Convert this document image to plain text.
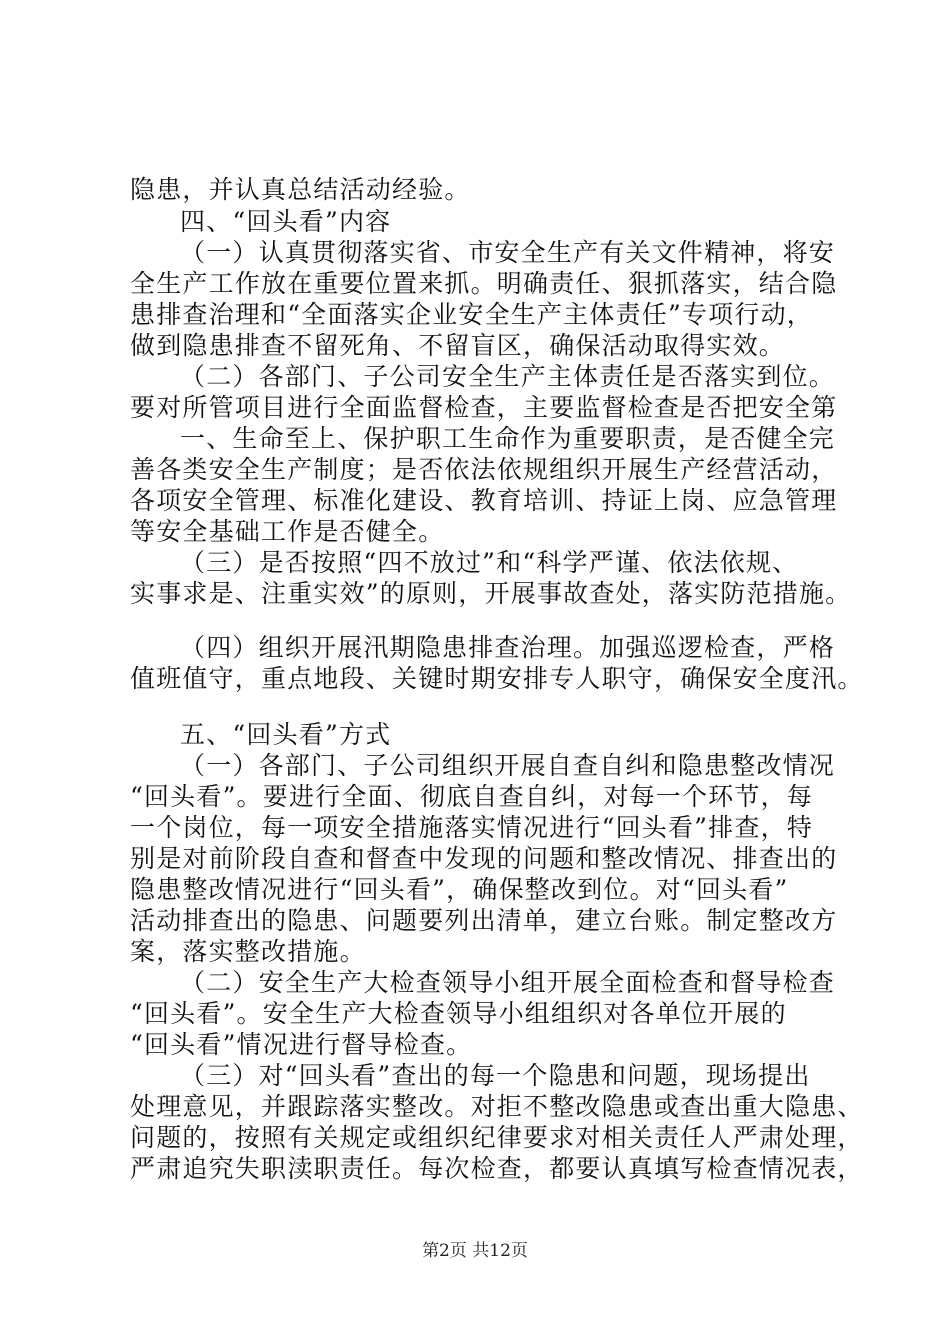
隐患，并认真总结活动经验。
四、“回头看”内容
（一）认真贯彻落实省、市安全生产有关文件精神，将安
全生产工作放在重要位置来抓。明确责任、狠抓落实，结合隐
患排查治理和“全面落实企业安全生产主体责任”专项行动，
做到隐患排查不留死角、不留盲区，确保活动取得实效。
（二）各部门、子公司安全生产主体责任是否落实到位。
要对所管项目进行全面监督检查，主要监督检查是否把安全第
一、生命至上、保护职工生命作为重要职责，是否健全完
善各类安全生产制度；是否依法依规组织开展生产经营活动，
各项安全管理、标准化建设、教育培训、持证上岗、应急管理
等安全基础工作是否健全。
（三）是否按照“四不放过”和“科学严谨、依法依规、
实事求是、注重实效”的原则，开展事故查处，落实防范措施。
（四）组织开展汛期隐患排查治理。加强巡逻检查，严格
值班值守，重点地段、关键时期安排专人职守，确保安全度汛。
五、“回头看”方式
（一）各部门、子公司组织开展自查自纠和隐患整改情况
“回头看”。要进行全面、彻底自查自纠，对每一个环节，每
一个岗位，每一项安全措施落实情况进行“回头看”排查，特
别是对前阶段自查和督查中发现的问题和整改情况、排查出的
隐患整改情况进行“回头看”，确保整改到位。对“回头看”
活动排查出的隐患、问题要列出清单，建立台账。制定整改方
案，落实整改措施。
（二）安全生产大检查领导小组开展全面检查和督导检查
“回头看”。安全生产大检查领导小组组织对各单位开展的
“回头看”情况进行督导检查。
（三）对“回头看”查出的每一个隐患和问题，现场提出
处理意见，并跟踪落实整改。对拒不整改隐患或查出重大隐患、
问题的，按照有关规定或组织纪律要求对相关责任人严肃处理，
严肃追究失职渎职责任。每次检查，都要认真填写检查情况表，
第2页 共12页
